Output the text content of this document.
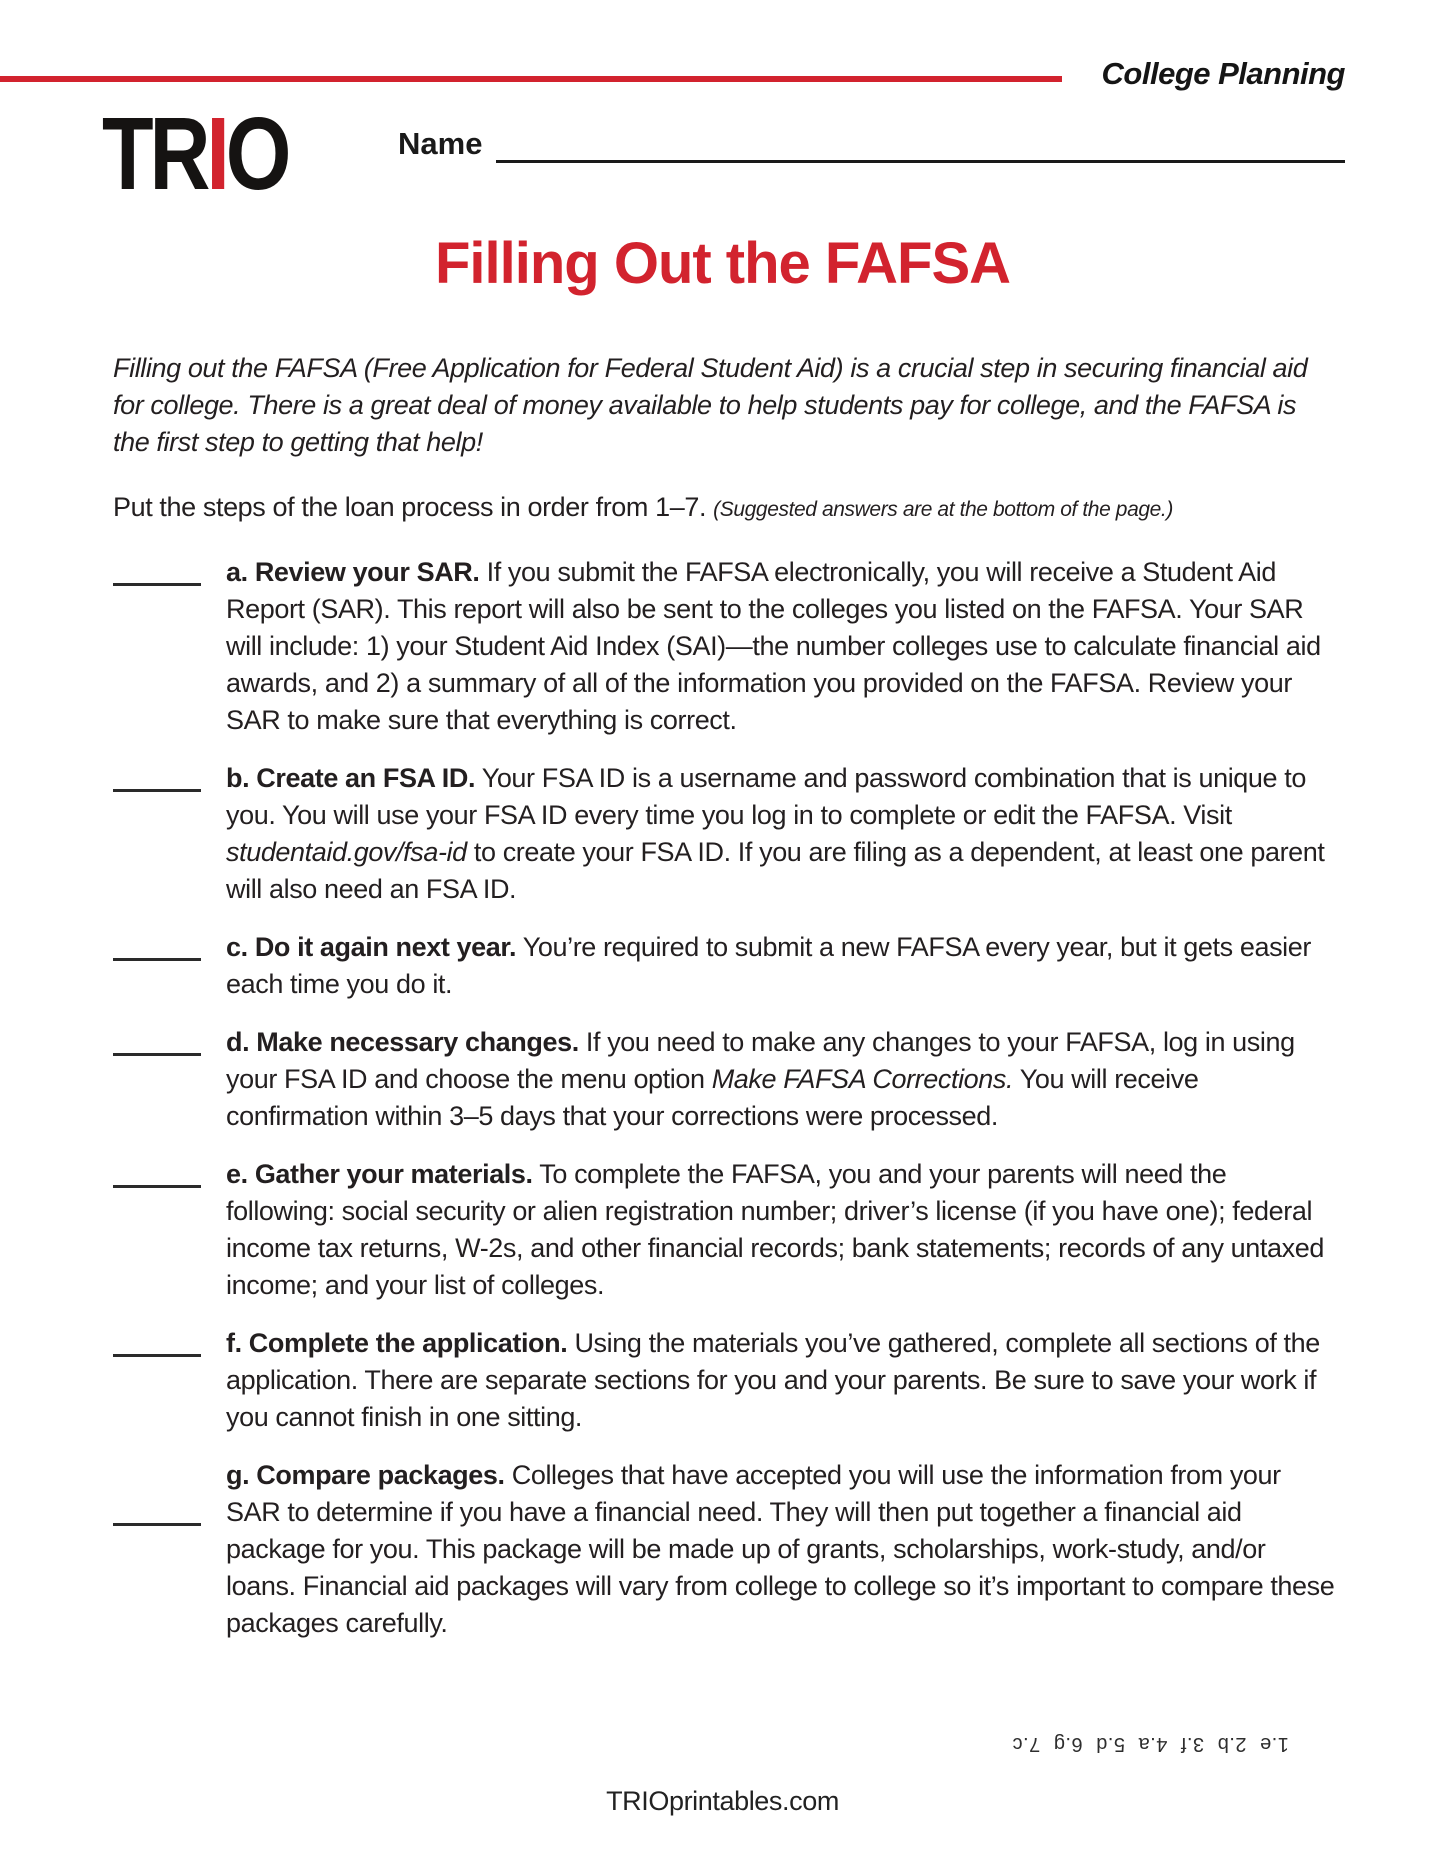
College Planning
TRIO	Name
Filling Out the FAFSA

Filling out the FAFSA (Free Application for Federal Student Aid) is a crucial step in securing financial aid for college. There is a great deal of money available to help students pay for college, and the FAFSA is the first step to getting that help!

Put the steps of the loan process in order from 1–7. (Suggested answers are at the bottom of the page.)

a. Review your SAR. If you submit the FAFSA electronically, you will receive a Student Aid Report (SAR). This report will also be sent to the colleges you listed on the FAFSA. Your SAR will include: 1) your Student Aid Index (SAI)—the number colleges use to calculate financial aid awards, and 2) a summary of all of the information you provided on the FAFSA. Review your SAR to make sure that everything is correct.

b. Create an FSA ID. Your FSA ID is a username and password combination that is unique to you. You will use your FSA ID every time you log in to complete or edit the FAFSA. Visit studentaid.gov/fsa-id to create your FSA ID. If you are filing as a dependent, at least one parent will also need an FSA ID.

c. Do it again next year. You’re required to submit a new FAFSA every year, but it gets easier each time you do it.

d. Make necessary changes. If you need to make any changes to your FAFSA, log in using your FSA ID and choose the menu option Make FAFSA Corrections. You will receive confirmation within 3–5 days that your corrections were processed.

e. Gather your materials. To complete the FAFSA, you and your parents will need the following: social security or alien registration number; driver’s license (if you have one); federal income tax returns, W-2s, and other financial records; bank statements; records of any untaxed income; and your list of colleges.

f. Complete the application. Using the materials you’ve gathered, complete all sections of the application. There are separate sections for you and your parents. Be sure to save your work if you cannot finish in one sitting.

g. Compare packages. Colleges that have accepted you will use the information from your SAR to determine if you have a financial need. They will then put together a financial aid package for you. This package will be made up of grants, scholarships, work-study, and/or loans. Financial aid packages will vary from college to college so it’s important to compare these packages carefully.

1.e 2.b 3.f 4.a 5.d 6.g 7.c
TRIOprintables.com
